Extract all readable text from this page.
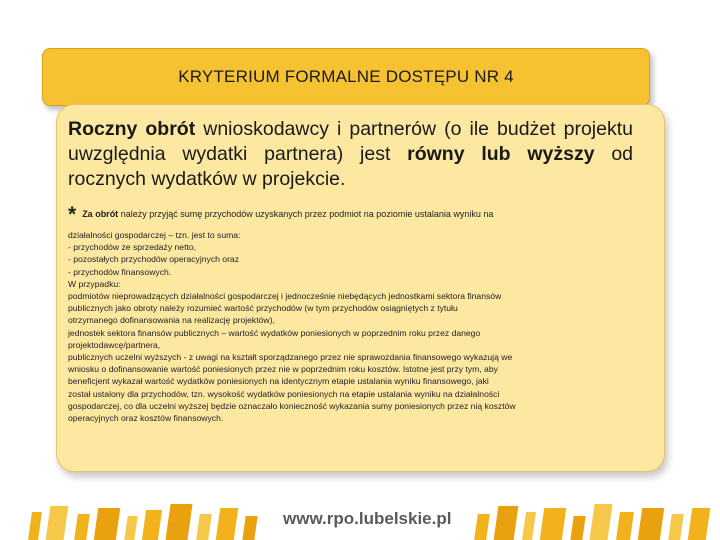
KRYTERIUM FORMALNE DOSTĘPU NR 4
Roczny obrót wnioskodawcy i partnerów (o ile budżet projektu uwzględnia wydatki partnera) jest równy lub wyższy od rocznych wydatków w projekcie.
* Za obrót należy przyjąć sumę przychodów uzyskanych przez podmiot na poziomie ustalania wyniku na
działalności gospodarczej – tzn. jest to suma:
- przychodów ze sprzedaży netto,
- pozostałych przychodów operacyjnych oraz
- przychodów finansowych.
W przypadku:
podmiotów nieprowadzących działalności gospodarczej i jednocześnie niebędących jednostkami sektora finansów
publicznych jako obroty należy rozumieć wartość przychodów (w tym przychodów osiągniętych z tytułu
otrzymanego dofinansowania na realizację projektów),
jednostek sektora finansów publicznych – wartość wydatków poniesionych w poprzednim roku przez danego
projektodawcę/partnera,
publicznych uczelni wyższych - z uwagi na kształt sporządzanego przez nie sprawozdania finansowego wykazują we
wniosku o dofinansowanie wartość poniesionych przez nie w poprzednim roku kosztów. Istotne jest przy tym, aby
beneficjent wykazał wartość wydatków poniesionych na identycznym etapie ustalania wyniku finansowego, jaki
został ustalony dla przychodów, tzn. wysokość wydatków poniesionych na etapie ustalania wyniku na działalności
gospodarczej, co dla uczelni wyższej będzie oznaczało konieczność wykazania sumy poniesionych przez nią kosztów
operacyjnych oraz kosztów finansowych.
www.rpo.lubelskie.pl
